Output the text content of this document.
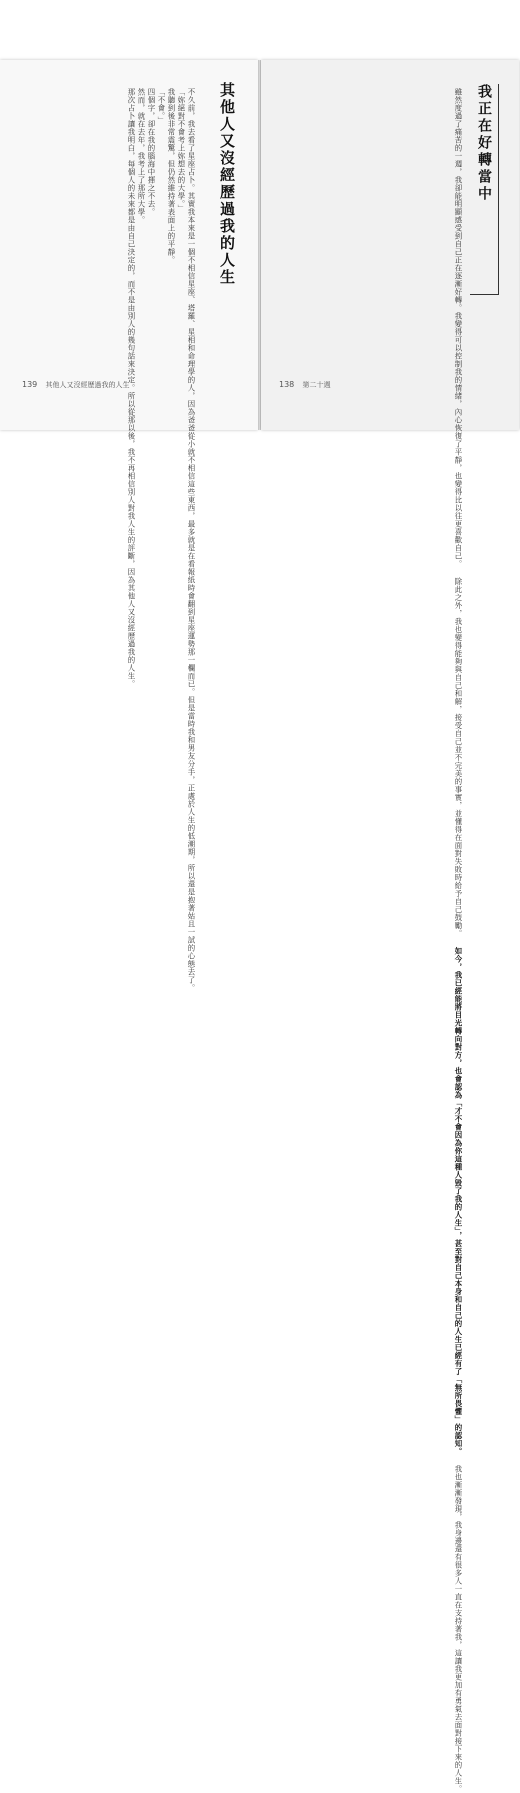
其他人又沒經歷過我的人生
不久前，我去看了星座占卜。其實我本來是一個不相信星座、塔羅、星相和命理學的人，因為爸爸從小就不相信這些東西，最多就是在看報紙時會翻到星座運勢那一欄而已。但是當時我和男友分手，正處於人生的低潮期，所以還是抱著姑且一試的心態去了。
「妳絕對不會考上妳想去的大學。」
我聽到後非常震驚，但仍然維持著表面上的平靜。
「不會。」
四個字，卻在我的腦海中揮之不去。
然而，就在去年，我考上了那所大學。
那次占卜讓我明白，每個人的未來都是由自己決定的，而不是由別人的幾句話來決定。所以從那以後，我不再相信別人對我人生的評斷，因為其他人又沒經歷過我的人生。
139 其他人又沒經歷過我的人生
我正在好轉當中
雖然度過了痛苦的一週，我卻能明顯感受到自己正在逐漸好轉。我變得可以控制我的情緒，內心恢復了平靜，也變得比以往更喜歡自己。 除此之外，我也變得能夠與自己和解，接受自己並不完美的事實，並懂得在面對失敗時給予自己鼓勵。 如今，我已經能將目光轉向對方，也會認為「才不會因為你這種人毀了我的人生」，甚至對自己本身和自己的人生已經有了「無所畏懼」的認知。 我也漸漸發現，我身邊還有很多人一直在支持著我，這讓我更加有勇氣去面對接下來的人生。
138 第二十週
